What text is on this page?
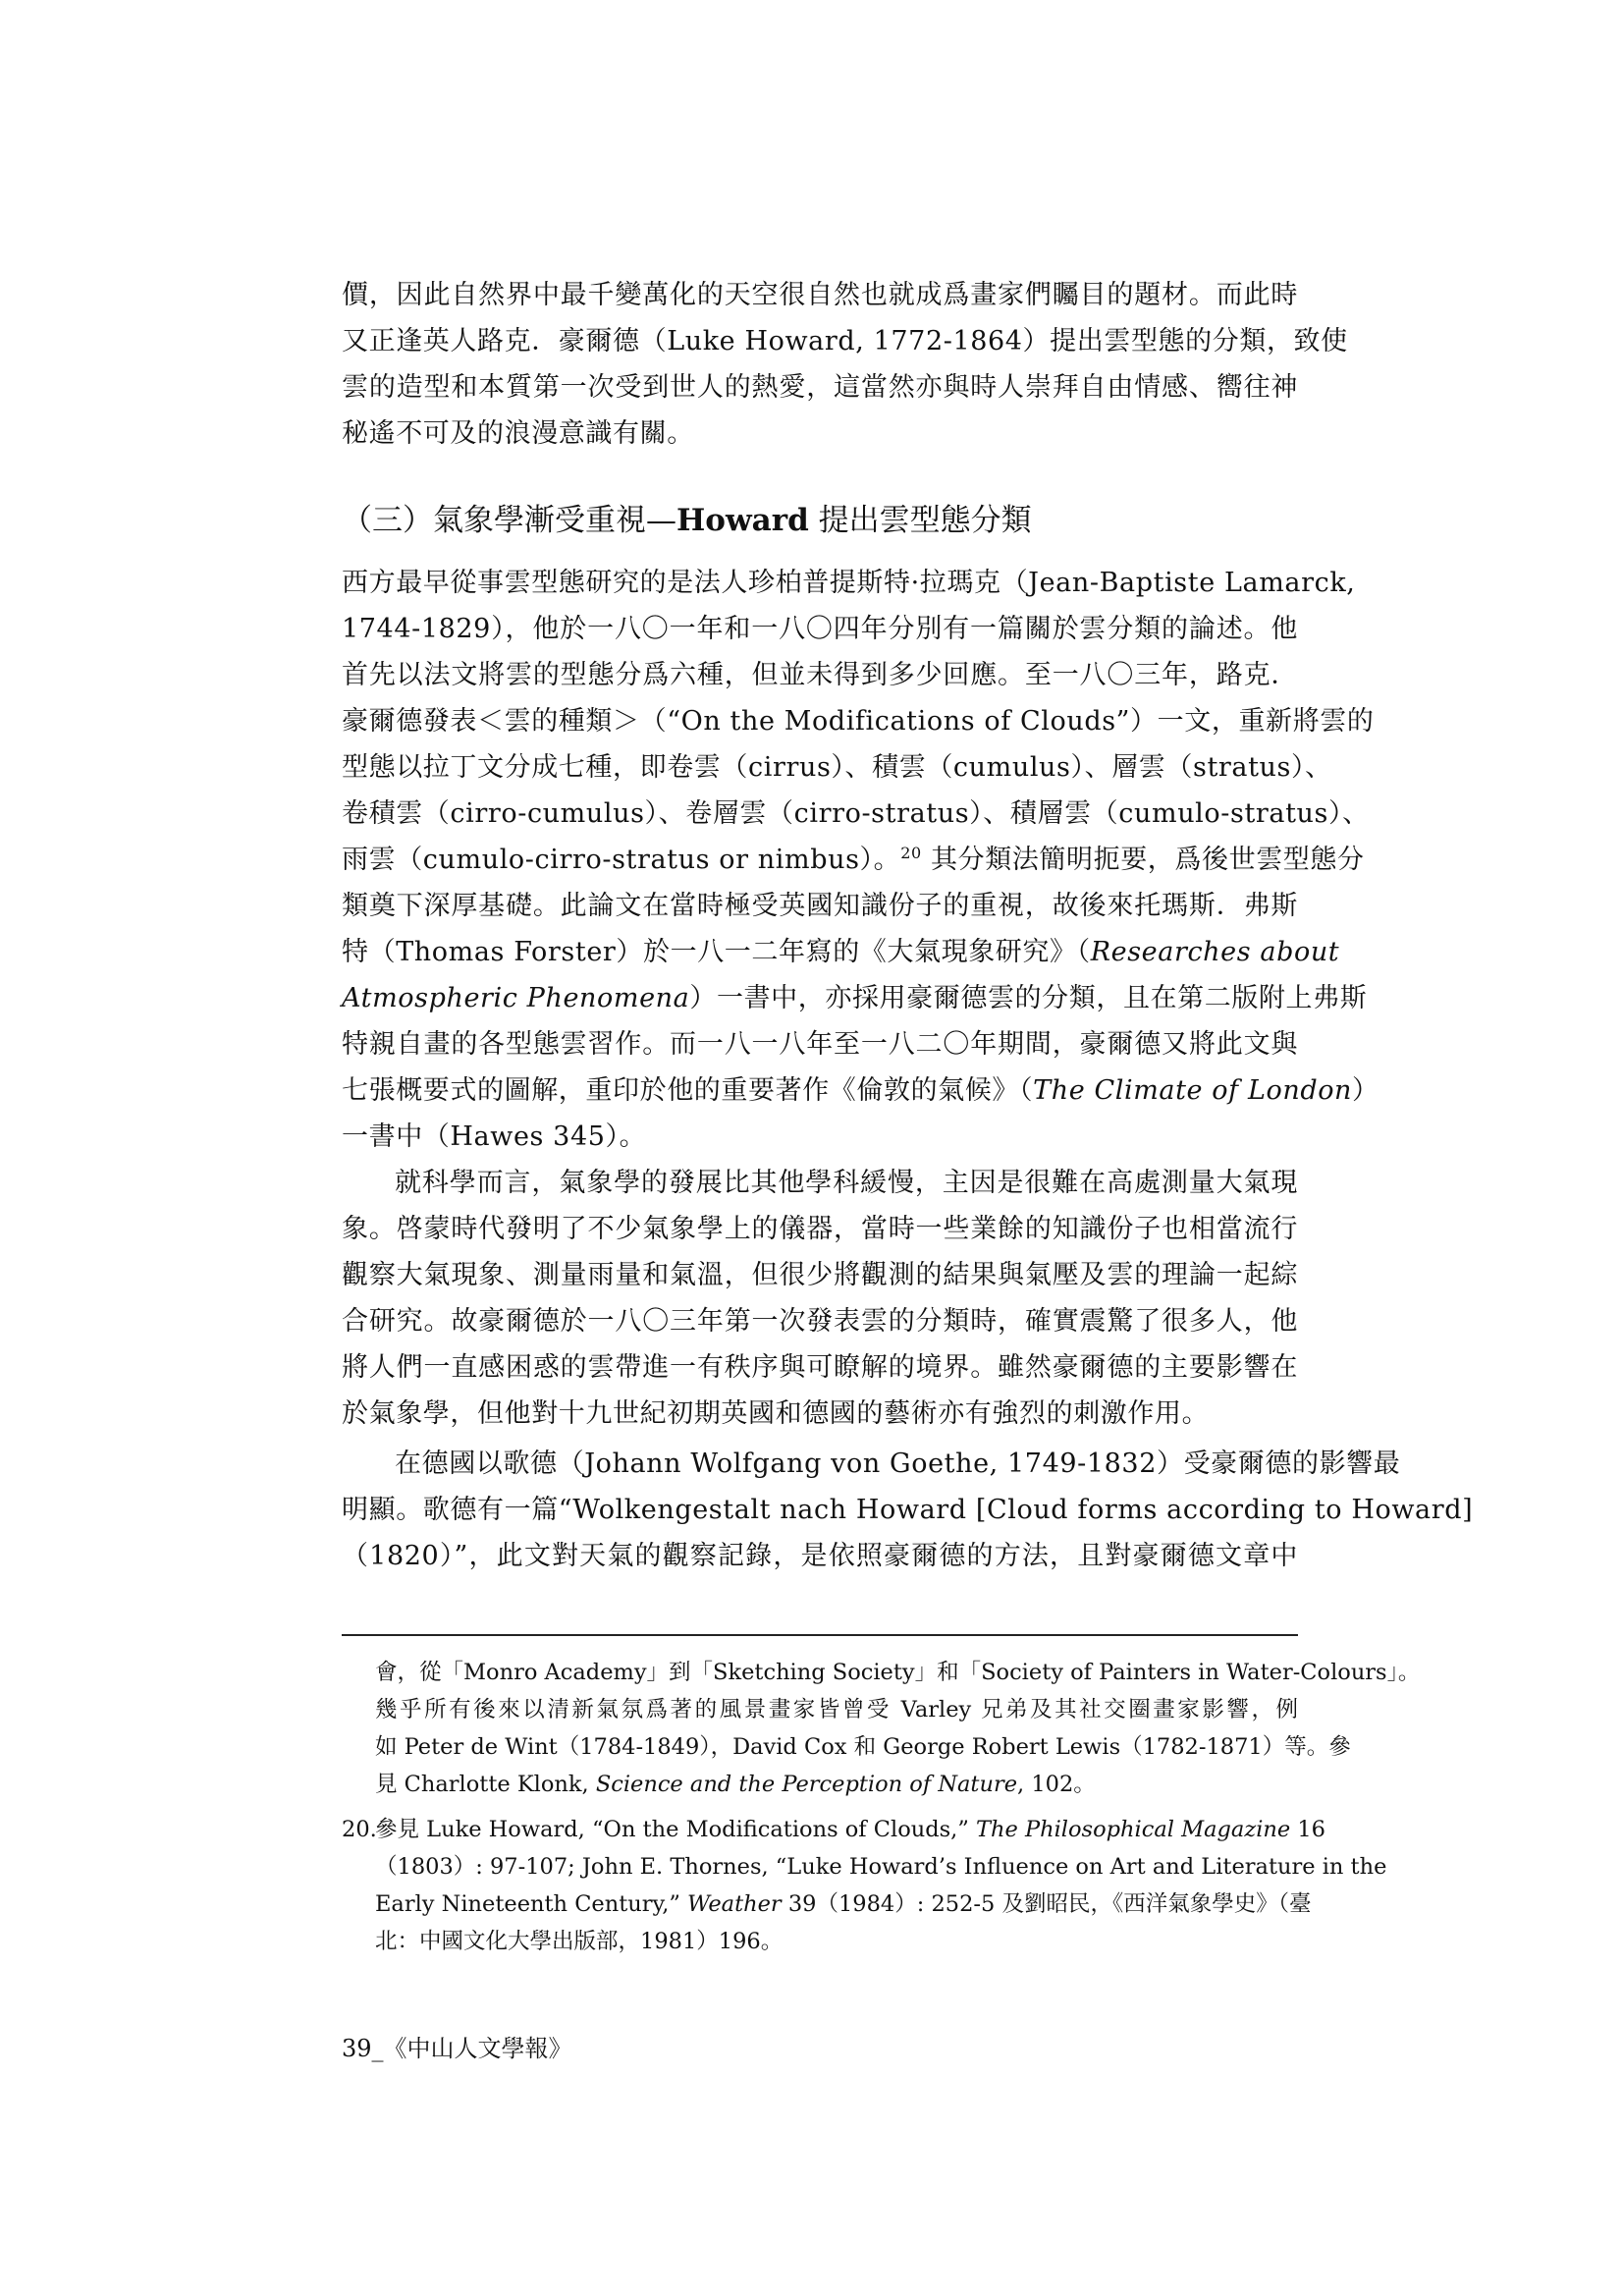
價，因此自然界中最千變萬化的天空很自然也就成爲畫家們矚目的題材。而此時
又正逢英人路克．豪爾德（Luke Howard, 1772-1864）提出雲型態的分類，致使
雲的造型和本質第一次受到世人的熱愛，這當然亦與時人崇拜自由情感、嚮往神
秘遙不可及的浪漫意識有關。
（三）氣象學漸受重視—Howard 提出雲型態分類
西方最早從事雲型態研究的是法人珍柏普提斯特·拉瑪克（Jean-Baptiste Lamarck,
1744-1829），他於一八〇一年和一八〇四年分別有一篇關於雲分類的論述。他
首先以法文將雲的型態分爲六種，但並未得到多少回應。至一八〇三年，路克．
豪爾德發表＜雲的種類＞（“On the Modifications of Clouds”）一文，重新將雲的
型態以拉丁文分成七種，即卷雲（cirrus）、積雲（cumulus）、層雲（stratus）、
卷積雲（cirro-cumulus）、卷層雲（cirro-stratus）、積層雲（cumulo-stratus）、
雨雲（cumulo-cirro-stratus or nimbus）。$^{20}$ 其分類法簡明扼要，爲後世雲型態分
類奠下深厚基礎。此論文在當時極受英國知識份子的重視，故後來托瑪斯．弗斯
特（Thomas Forster）於一八一二年寫的《大氣現象研究》（Researches about
Atmospheric Phenomena）一書中，亦採用豪爾德雲的分類，且在第二版附上弗斯
特親自畫的各型態雲習作。而一八一八年至一八二〇年期間，豪爾德又將此文與
七張概要式的圖解，重印於他的重要著作《倫敦的氣候》（The Climate of London）
一書中（Hawes 345）。
就科學而言，氣象學的發展比其他學科緩慢，主因是很難在高處測量大氣現
象。啓蒙時代發明了不少氣象學上的儀器，當時一些業餘的知識份子也相當流行
觀察大氣現象、測量雨量和氣溫，但很少將觀測的結果與氣壓及雲的理論一起綜
合研究。故豪爾德於一八〇三年第一次發表雲的分類時，確實震驚了很多人，他
將人們一直感困惑的雲帶進一有秩序與可瞭解的境界。雖然豪爾德的主要影響在
於氣象學，但他對十九世紀初期英國和德國的藝術亦有強烈的刺激作用。
在德國以歌德（Johann Wolfgang von Goethe, 1749-1832）受豪爾德的影響最
明顯。歌德有一篇“Wolkengestalt nach Howard [Cloud forms according to Howard]
（1820）”，此文對天氣的觀察記錄，是依照豪爾德的方法，且對豪爾德文章中
會，從「Monro Academy」到「Sketching Society」和「Society of Painters in Water-Colours」。
幾乎所有後來以清新氣氛爲著的風景畫家皆曾受 Varley 兄弟及其社交圈畫家影響，例
如 Peter de Wint（1784-1849），David Cox 和 George Robert Lewis（1782-1871）等。參
見 Charlotte Klonk, Science and the Perception of Nature, 102。
20.
參見 Luke Howard, “On the Modifications of Clouds,” The Philosophical Magazine 16
（1803）: 97-107; John E. Thornes, “Luke Howard’s Influence on Art and Literature in the
Early Nineteenth Century,” Weather 39（1984）: 252-5 及劉昭民，《西洋氣象學史》（臺
北：中國文化大學出版部，1981）196。
39_《中山人文學報》
